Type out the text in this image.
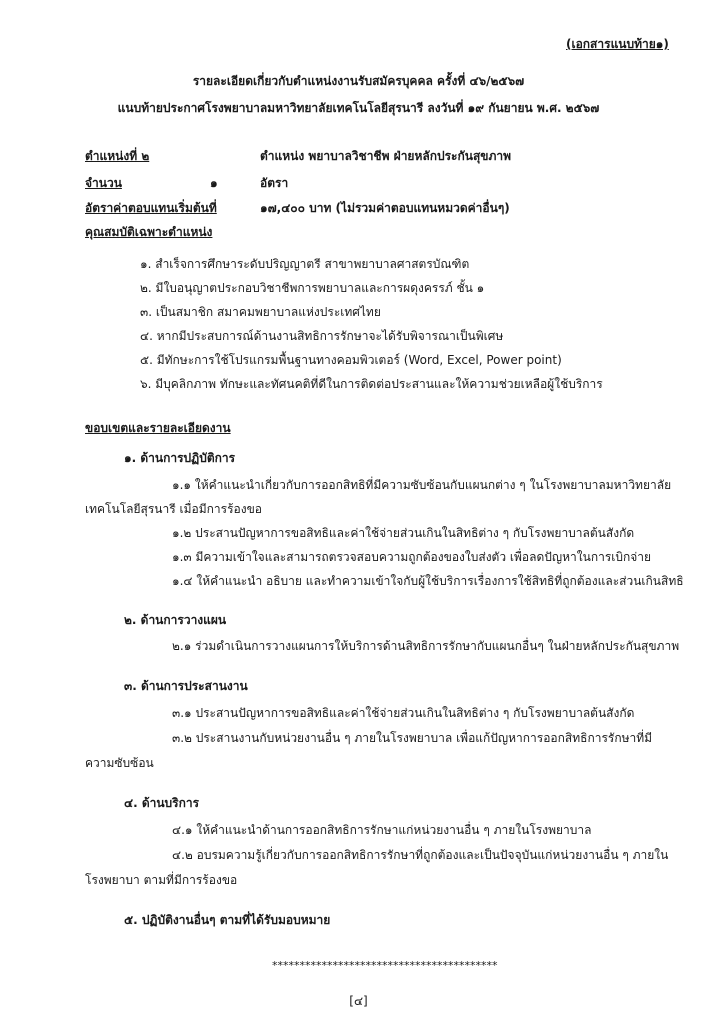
(เอกสารแนบท้าย๑)
รายละเอียดเกี่ยวกับตำแหน่งงานรับสมัครบุคคล ครั้งที่ ๔๖/๒๕๖๗
แนบท้ายประกาศโรงพยาบาลมหาวิทยาลัยเทคโนโลยีสุรนารี ลงวันที่ ๑๙ กันยายน พ.ศ. ๒๕๖๗
ตำแหน่งที่ ๒	ตำแหน่ง พยาบาลวิชาชีพ ฝ่ายหลักประกันสุขภาพ
จำนวน	๑	อัตรา
อัตราค่าตอบแทนเริ่มต้นที่	๑๗,๔๐๐ บาท (ไม่รวมค่าตอบแทนหมวดค่าอื่นๆ)
คุณสมบัติเฉพาะตำแหน่ง
๑. สำเร็จการศึกษาระดับปริญญาตรี สาขาพยาบาลศาสตรบัณฑิต
๒. มีใบอนุญาตประกอบวิชาชีพการพยาบาลและการผดุงครรภ์ ชั้น ๑
๓. เป็นสมาชิก สมาคมพยาบาลแห่งประเทศไทย
๔. หากมีประสบการณ์ด้านงานสิทธิการรักษาจะได้รับพิจารณาเป็นพิเศษ
๕. มีทักษะการใช้โปรแกรมพื้นฐานทางคอมพิวเตอร์ (Word, Excel, Power point)
๖. มีบุคลิกภาพ ทักษะและทัศนคติที่ดีในการติดต่อประสานและให้ความช่วยเหลือผู้ใช้บริการ
ขอบเขตและรายละเอียดงาน
๑. ด้านการปฏิบัติการ
๑.๑ ให้คำแนะนำเกี่ยวกับการออกสิทธิที่มีความซับซ้อนกับแผนกต่าง ๆ ในโรงพยาบาลมหาวิทยาลัย
เทคโนโลยีสุรนารี เมื่อมีการร้องขอ
๑.๒ ประสานปัญหาการขอสิทธิและค่าใช้จ่ายส่วนเกินในสิทธิต่าง ๆ กับโรงพยาบาลต้นสังกัด
๑.๓ มีความเข้าใจและสามารถตรวจสอบความถูกต้องของใบส่งตัว เพื่อลดปัญหาในการเบิกจ่าย
๑.๔ ให้คำแนะนำ อธิบาย และทำความเข้าใจกับผู้ใช้บริการเรื่องการใช้สิทธิที่ถูกต้องและส่วนเกินสิทธิ
๒. ด้านการวางแผน
๒.๑ ร่วมดำเนินการวางแผนการให้บริการด้านสิทธิการรักษากับแผนกอื่นๆ ในฝ่ายหลักประกันสุขภาพ
๓. ด้านการประสานงาน
๓.๑ ประสานปัญหาการขอสิทธิและค่าใช้จ่ายส่วนเกินในสิทธิต่าง ๆ กับโรงพยาบาลต้นสังกัด
๓.๒ ประสานงานกับหน่วยงานอื่น ๆ ภายในโรงพยาบาล เพื่อแก้ปัญหาการออกสิทธิการรักษาที่มี
ความซับซ้อน
๔. ด้านบริการ
๔.๑ ให้คำแนะนำด้านการออกสิทธิการรักษาแก่หน่วยงานอื่น ๆ ภายในโรงพยาบาล
๔.๒ อบรมความรู้เกี่ยวกับการออกสิทธิการรักษาที่ถูกต้องและเป็นปัจจุบันแก่หน่วยงานอื่น ๆ ภายใน
โรงพยาบา ตามที่มีการร้องขอ
๕. ปฏิบัติงานอื่นๆ ตามที่ได้รับมอบหมาย
*****************************************
[๔]
